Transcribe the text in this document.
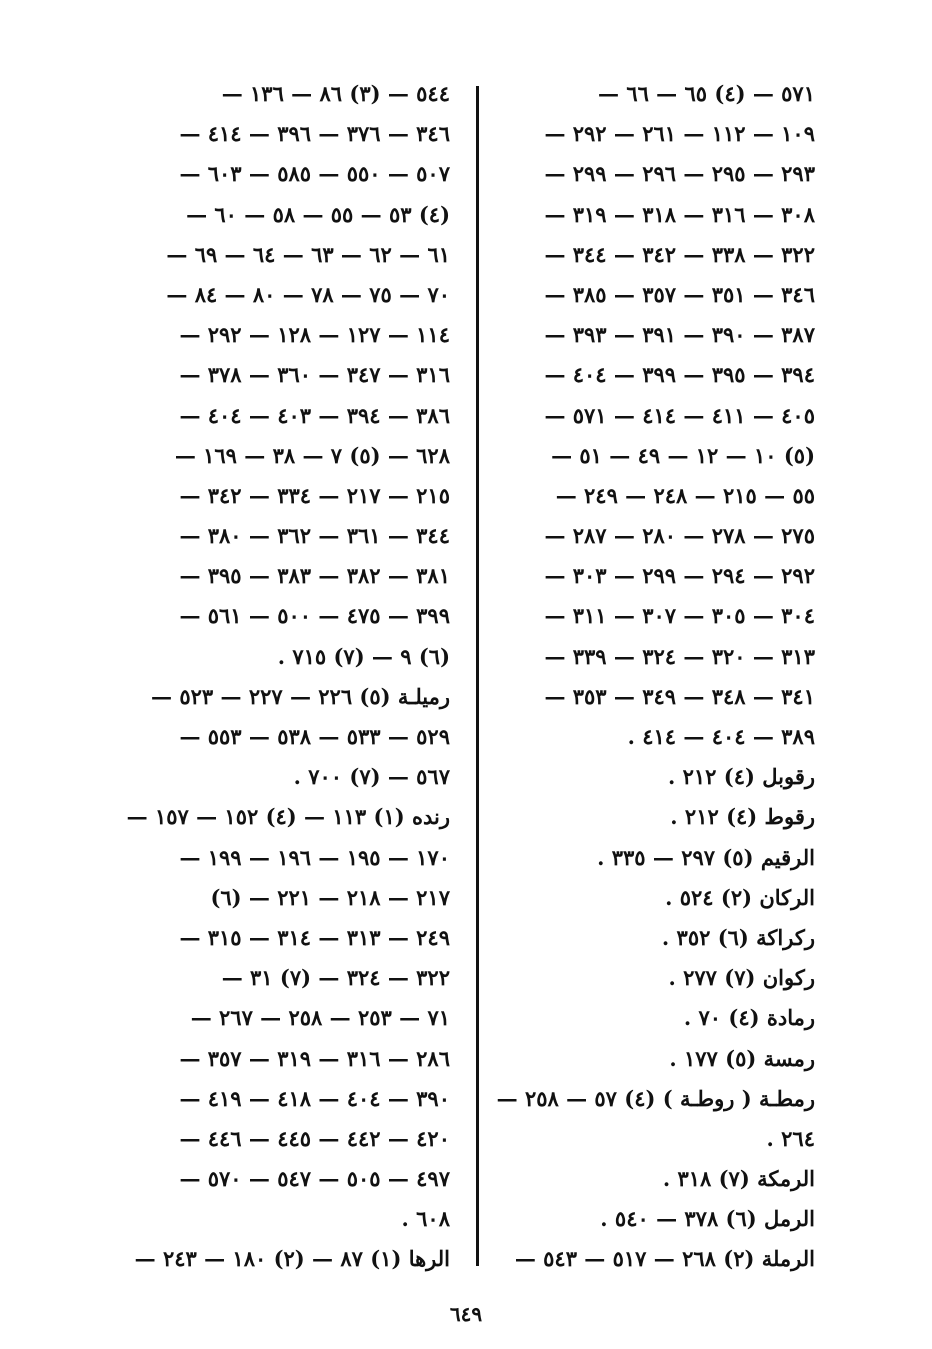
٥٧١ — (٤) ٦٥ — ٦٦ —
١٠٩ — ١١٢ — ٢٦١ — ٢٩٢ —
٢٩٣ — ٢٩٥ — ٢٩٦ — ٢٩٩ —
٣٠٨ — ٣١٦ — ٣١٨ — ٣١٩ —
٣٢٢ — ٣٣٨ — ٣٤٢ — ٣٤٤ —
٣٤٦ — ٣٥١ — ٣٥٧ — ٣٨٥ —
٣٨٧ — ٣٩٠ — ٣٩١ — ٣٩٣ —
٣٩٤ — ٣٩٥ — ٣٩٩ — ٤٠٤ —
٤٠٥ — ٤١١ — ٤١٤ — ٥٧١ —
(٥) ١٠ — ١٢ — ٤٩ — ٥١ —
٥٥ — ٢١٥ — ٢٤٨ — ٢٤٩ —
٢٧٥ — ٢٧٨ — ٢٨٠ — ٢٨٧ —
٢٩٢ — ٢٩٤ — ٢٩٩ — ٣٠٣ —
٣٠٤ — ٣٠٥ — ٣٠٧ — ٣١١ —
٣١٣ — ٣٢٠ — ٣٢٤ — ٣٣٩ —
٣٤١ — ٣٤٨ — ٣٤٩ — ٣٥٣ —
٣٨٩ — ٤٠٤ — ٤١٤ .
رقوبل (٤) ٢١٢ .
رقوط (٤) ٢١٢ .
الرقيم (٥) ٢٩٧ — ٣٣٥ .
الركان (٢) ٥٢٤ .
ركراكة (٦) ٣٥٢ .
ركوان (٧) ٢٧٧ .
رمادة (٤) ٧٠ .
رمسة (٥) ١٧٧ .
رمطـة ( روطـة ) (٤) ٥٧ — ٢٥٨ —
٢٦٤ .
الرمكة (٧) ٣١٨ .
الرمل (٦) ٣٧٨ — ٥٤٠ .
الرملة (٢) ٢٦٨ — ٥١٧ — ٥٤٣ —
٥٤٤ — (٣) ٨٦ — ١٣٦ —
٣٤٦ — ٣٧٦ — ٣٩٦ — ٤١٤ —
٥٠٧ — ٥٥٠ — ٥٨٥ — ٦٠٣ —
(٤) ٥٣ — ٥٥ — ٥٨ — ٦٠ —
٦١ — ٦٢ — ٦٣ — ٦٤ — ٦٩ —
٧٠ — ٧٥ — ٧٨ — ٨٠ — ٨٤ —
١١٤ — ١٢٧ — ١٢٨ — ٢٩٢ —
٣١٦ — ٣٤٧ — ٣٦٠ — ٣٧٨ —
٣٨٦ — ٣٩٤ — ٤٠٣ — ٤٠٤ —
٦٢٨ — (٥) ٧ — ٣٨ — ١٦٩ —
٢١٥ — ٢١٧ — ٣٣٤ — ٣٤٢ —
٣٤٤ — ٣٦١ — ٣٦٢ — ٣٨٠ —
٣٨١ — ٣٨٢ — ٣٨٣ — ٣٩٥ —
٣٩٩ — ٤٧٥ — ٥٠٠ — ٥٦١ —
(٦) ٩ — (٧) ٧١٥ .
رميلـة (٥) ٢٢٦ — ٢٢٧ — ٥٢٣ —
٥٢٩ — ٥٣٣ — ٥٣٨ — ٥٥٣ —
٥٦٧ — (٧) ٧٠٠ .
رنده (١) ١١٣ — (٤) ١٥٢ — ١٥٧ —
١٧٠ — ١٩٥ — ١٩٦ — ١٩٩ —
٢١٧ — ٢١٨ — ٢٢١ — (٦)
٢٤٩ — ٣١٣ — ٣١٤ — ٣١٥ —
٣٢٢ — ٣٢٤ — (٧) ٣١ —
٧١ — ٢٥٣ — ٢٥٨ — ٢٦٧ —
٢٨٦ — ٣١٦ — ٣١٩ — ٣٥٧ —
٣٩٠ — ٤٠٤ — ٤١٨ — ٤١٩ —
٤٢٠ — ٤٤٢ — ٤٤٥ — ٤٤٦ —
٤٩٧ — ٥٠٥ — ٥٤٧ — ٥٧٠ —
٦٠٨ .
الرها (١) ٨٧ — (٢) ١٨٠ — ٢٤٣ —
٦٤٩
